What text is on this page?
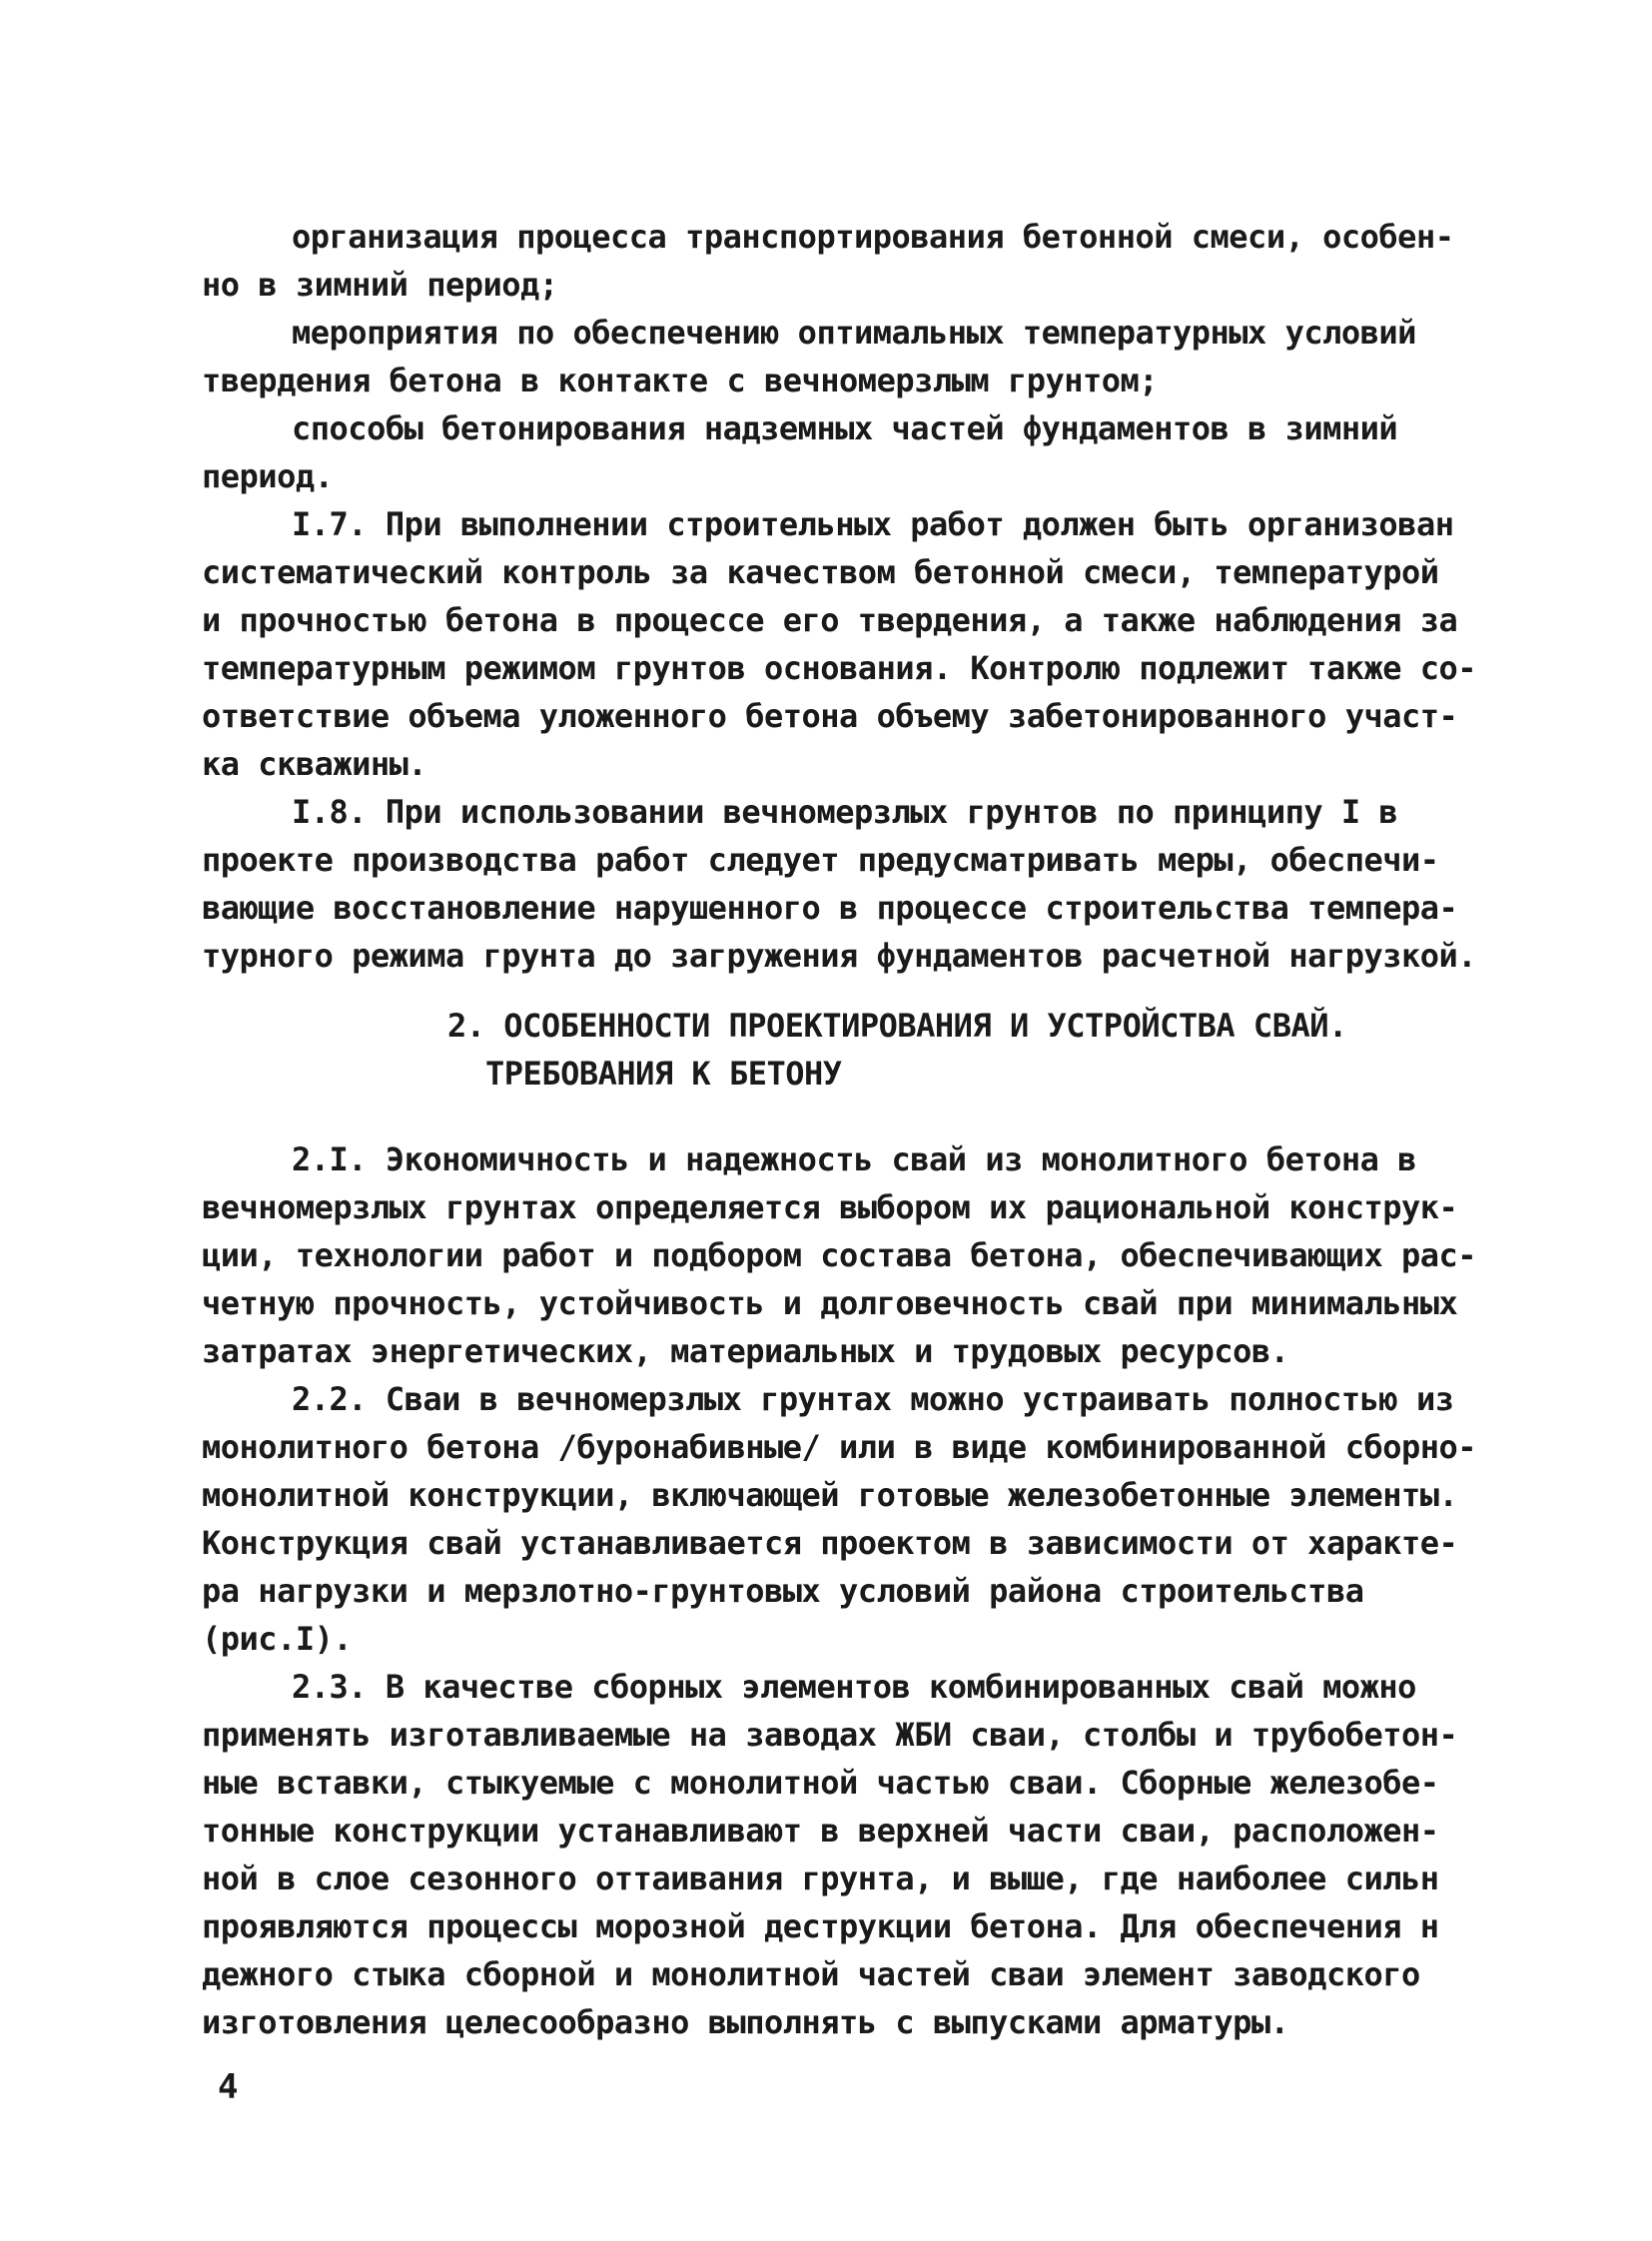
организация процесса транспортирования бетонной смеси, особен-
но в зимний период;
мероприятия по обеспечению оптимальных температурных условий
твердения бетона в контакте с вечномерзлым грунтом;
способы бетонирования надземных частей фундаментов в зимний
период.
I.7. При выполнении строительных работ должен быть организован
систематический контроль за качеством бетонной смеси, температурой
и прочностью бетона в процессе его твердения, а также наблюдения за
температурным режимом грунтов основания. Контролю подлежит также со-
ответствие объема уложенного бетона объему забетонированного участ-
ка скважины.
I.8. При использовании вечномерзлых грунтов по принципу I в
проекте производства работ следует предусматривать меры, обеспечи-
вающие восстановление нарушенного в процессе строительства темпера-
турного режима грунта до загружения фундаментов расчетной нагрузкой.
2. ОСОБЕННОСТИ ПРОЕКТИРОВАНИЯ И УСТРОЙСТВА СВАЙ.
ТРЕБОВАНИЯ К БЕТОНУ
2.I. Экономичность и надежность свай из монолитного бетона в
вечномерзлых грунтах определяется выбором их рациональной конструк-
ции, технологии работ и подбором состава бетона, обеспечивающих рас-
четную прочность, устойчивость и долговечность свай при минимальных
затратах энергетических, материальных и трудовых ресурсов.
2.2. Сваи в вечномерзлых грунтах можно устраивать полностью из
монолитного бетона /буронабивные/ или в виде комбинированной сборно-
монолитной конструкции, включающей готовые железобетонные элементы.
Конструкция свай устанавливается проектом в зависимости от характе-
ра нагрузки и мерзлотно-грунтовых условий района строительства
(рис.I).
2.3. В качестве сборных элементов комбинированных свай можно
применять изготавливаемые на заводах ЖБИ сваи, столбы и трубобетон-
ные вставки, стыкуемые с монолитной частью сваи. Сборные железобе-
тонные конструкции устанавливают в верхней части сваи, расположен-
ной в слое сезонного оттаивания грунта, и выше, где наиболее сильн
проявляются процессы морозной деструкции бетона. Для обеспечения н
дежного стыка сборной и монолитной частей сваи элемент заводского
изготовления целесообразно выполнять с выпусками арматуры.
4
